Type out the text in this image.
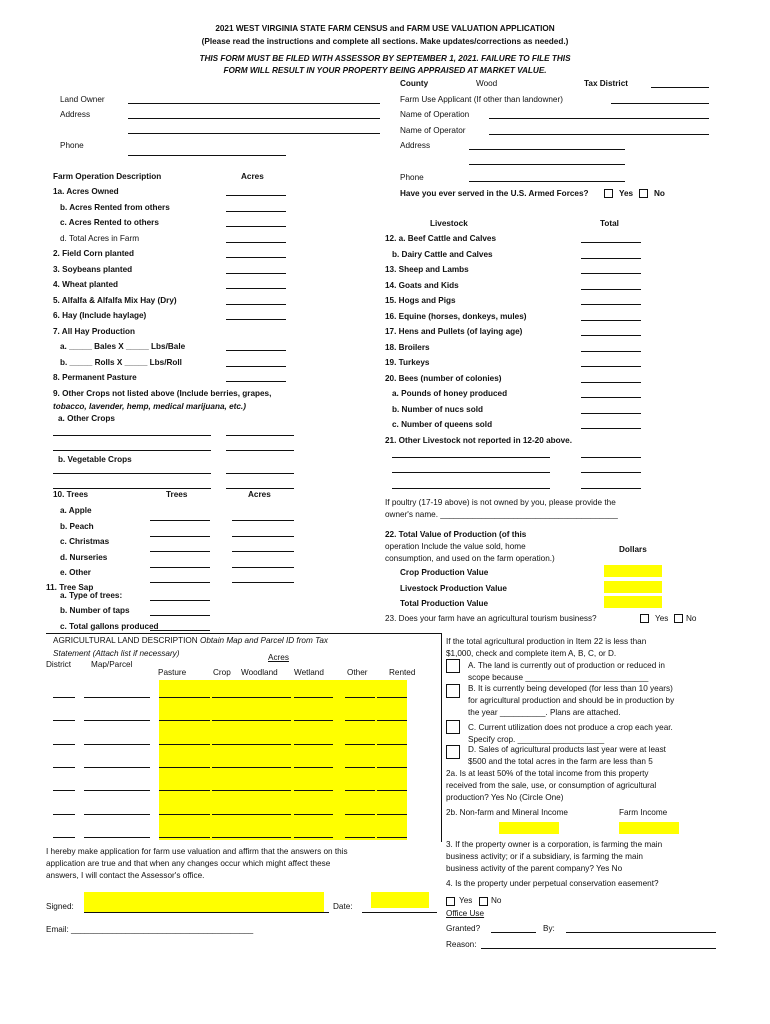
2021 WEST VIRGINIA STATE FARM CENSUS and FARM USE VALUATION APPLICATION
(Please read the instructions and complete all sections. Make updates/corrections as needed.)
THIS FORM MUST BE FILED WITH ASSESSOR BY SEPTEMBER 1, 2021. FAILURE TO FILE THIS
FORM WILL RESULT IN YOUR PROPERTY BEING APPRAISED AT MARKET VALUE.
County	Wood	Tax District
Land Owner
Address
Phone
Farm Use Applicant (If other than landowner)
Name of Operation
Name of Operator
Address
Phone
Have you ever served in the U.S. Armed Forces?	Yes	No
Farm Operation Description	Acres
1a. Acres Owned
b. Acres Rented from others
c. Acres Rented to others
d. Total Acres in Farm
2. Field Corn planted
3. Soybeans planted
4. Wheat planted
5. Alfalfa & Alfalfa Mix Hay (Dry)
6. Hay (Include haylage)
7. All Hay Production
a. _____ Bales X _____ Lbs/Bale
b. _____ Rolls X _____ Lbs/Roll
8. Permanent Pasture
9. Other Crops not listed above (Include berries, grapes,
tobacco, lavender, hemp, medical marijuana, etc.)
a. Other Crops
b. Vegetable Crops
10. Trees	Trees	Acres
a. Apple
b. Peach
c. Christmas
d. Nurseries
e. Other
11. Tree Sap
a. Type of trees:
b. Number of taps
c. Total gallons produced
Livestock	Total
12. a. Beef Cattle and Calves
b. Dairy Cattle and Calves
13. Sheep and Lambs
14. Goats and Kids
15. Hogs and Pigs
16. Equine (horses, donkeys, mules)
17. Hens and Pullets (of laying age)
18. Broilers
19. Turkeys
20. Bees (number of colonies)
a. Pounds of honey produced
b. Number of nucs sold
c. Number of queens sold
21. Other Livestock not reported in 12-20 above.
If poultry (17-19 above) is not owned by you, please provide the
owner's name. _______________________________________
22. Total Value of Production (of this
operation Include the value sold, home
consumption, and used on the farm operation.)
Dollars
Crop Production Value
Livestock Production Value
Total Production Value
23. Does your farm have an agricultural tourism business?	Yes No
AGRICULTURAL LAND DESCRIPTION Obtain Map and Parcel ID from Tax
Statement (Attach list if necessary)	Acres
District Map/Parcel
Pasture	Crop Woodland Wetland	Other	Rented
If the total agricultural production in Item 22 is less than
$1,000, check and complete item A, B, C, or D.
A. The land is currently out of production or reduced in
scope because ___________________________
B. It is currently being developed (for less than 10 years)
for agricultural production and should be in production by
the year __________. Plans are attached.
C. Current utilization does not produce a crop each year.
Specify crop. ___________________
D. Sales of agricultural products last year were at least
$500 and the total acres in the farm are less than 5
2a. Is at least 50% of the total income from this property
received from the sale, use, or consumption of agricultural
production? Yes No (Circle One)
2b. Non-farm and Mineral Income	Farm Income
3. If the property owner is a corporation, is farming the main
business activity; or if a subsidiary, is farming the main
business activity of the parent company? Yes No
4. Is the property under perpetual conservation easement?
Yes No
Office Use
Granted?	By:
Reason:
I hereby make application for farm use valuation and affirm that the answers on this
application are true and that when any changes occur which might affect these
answers, I will contact the Assessor's office.
Signed:	Date:
Email: ________________________________________
